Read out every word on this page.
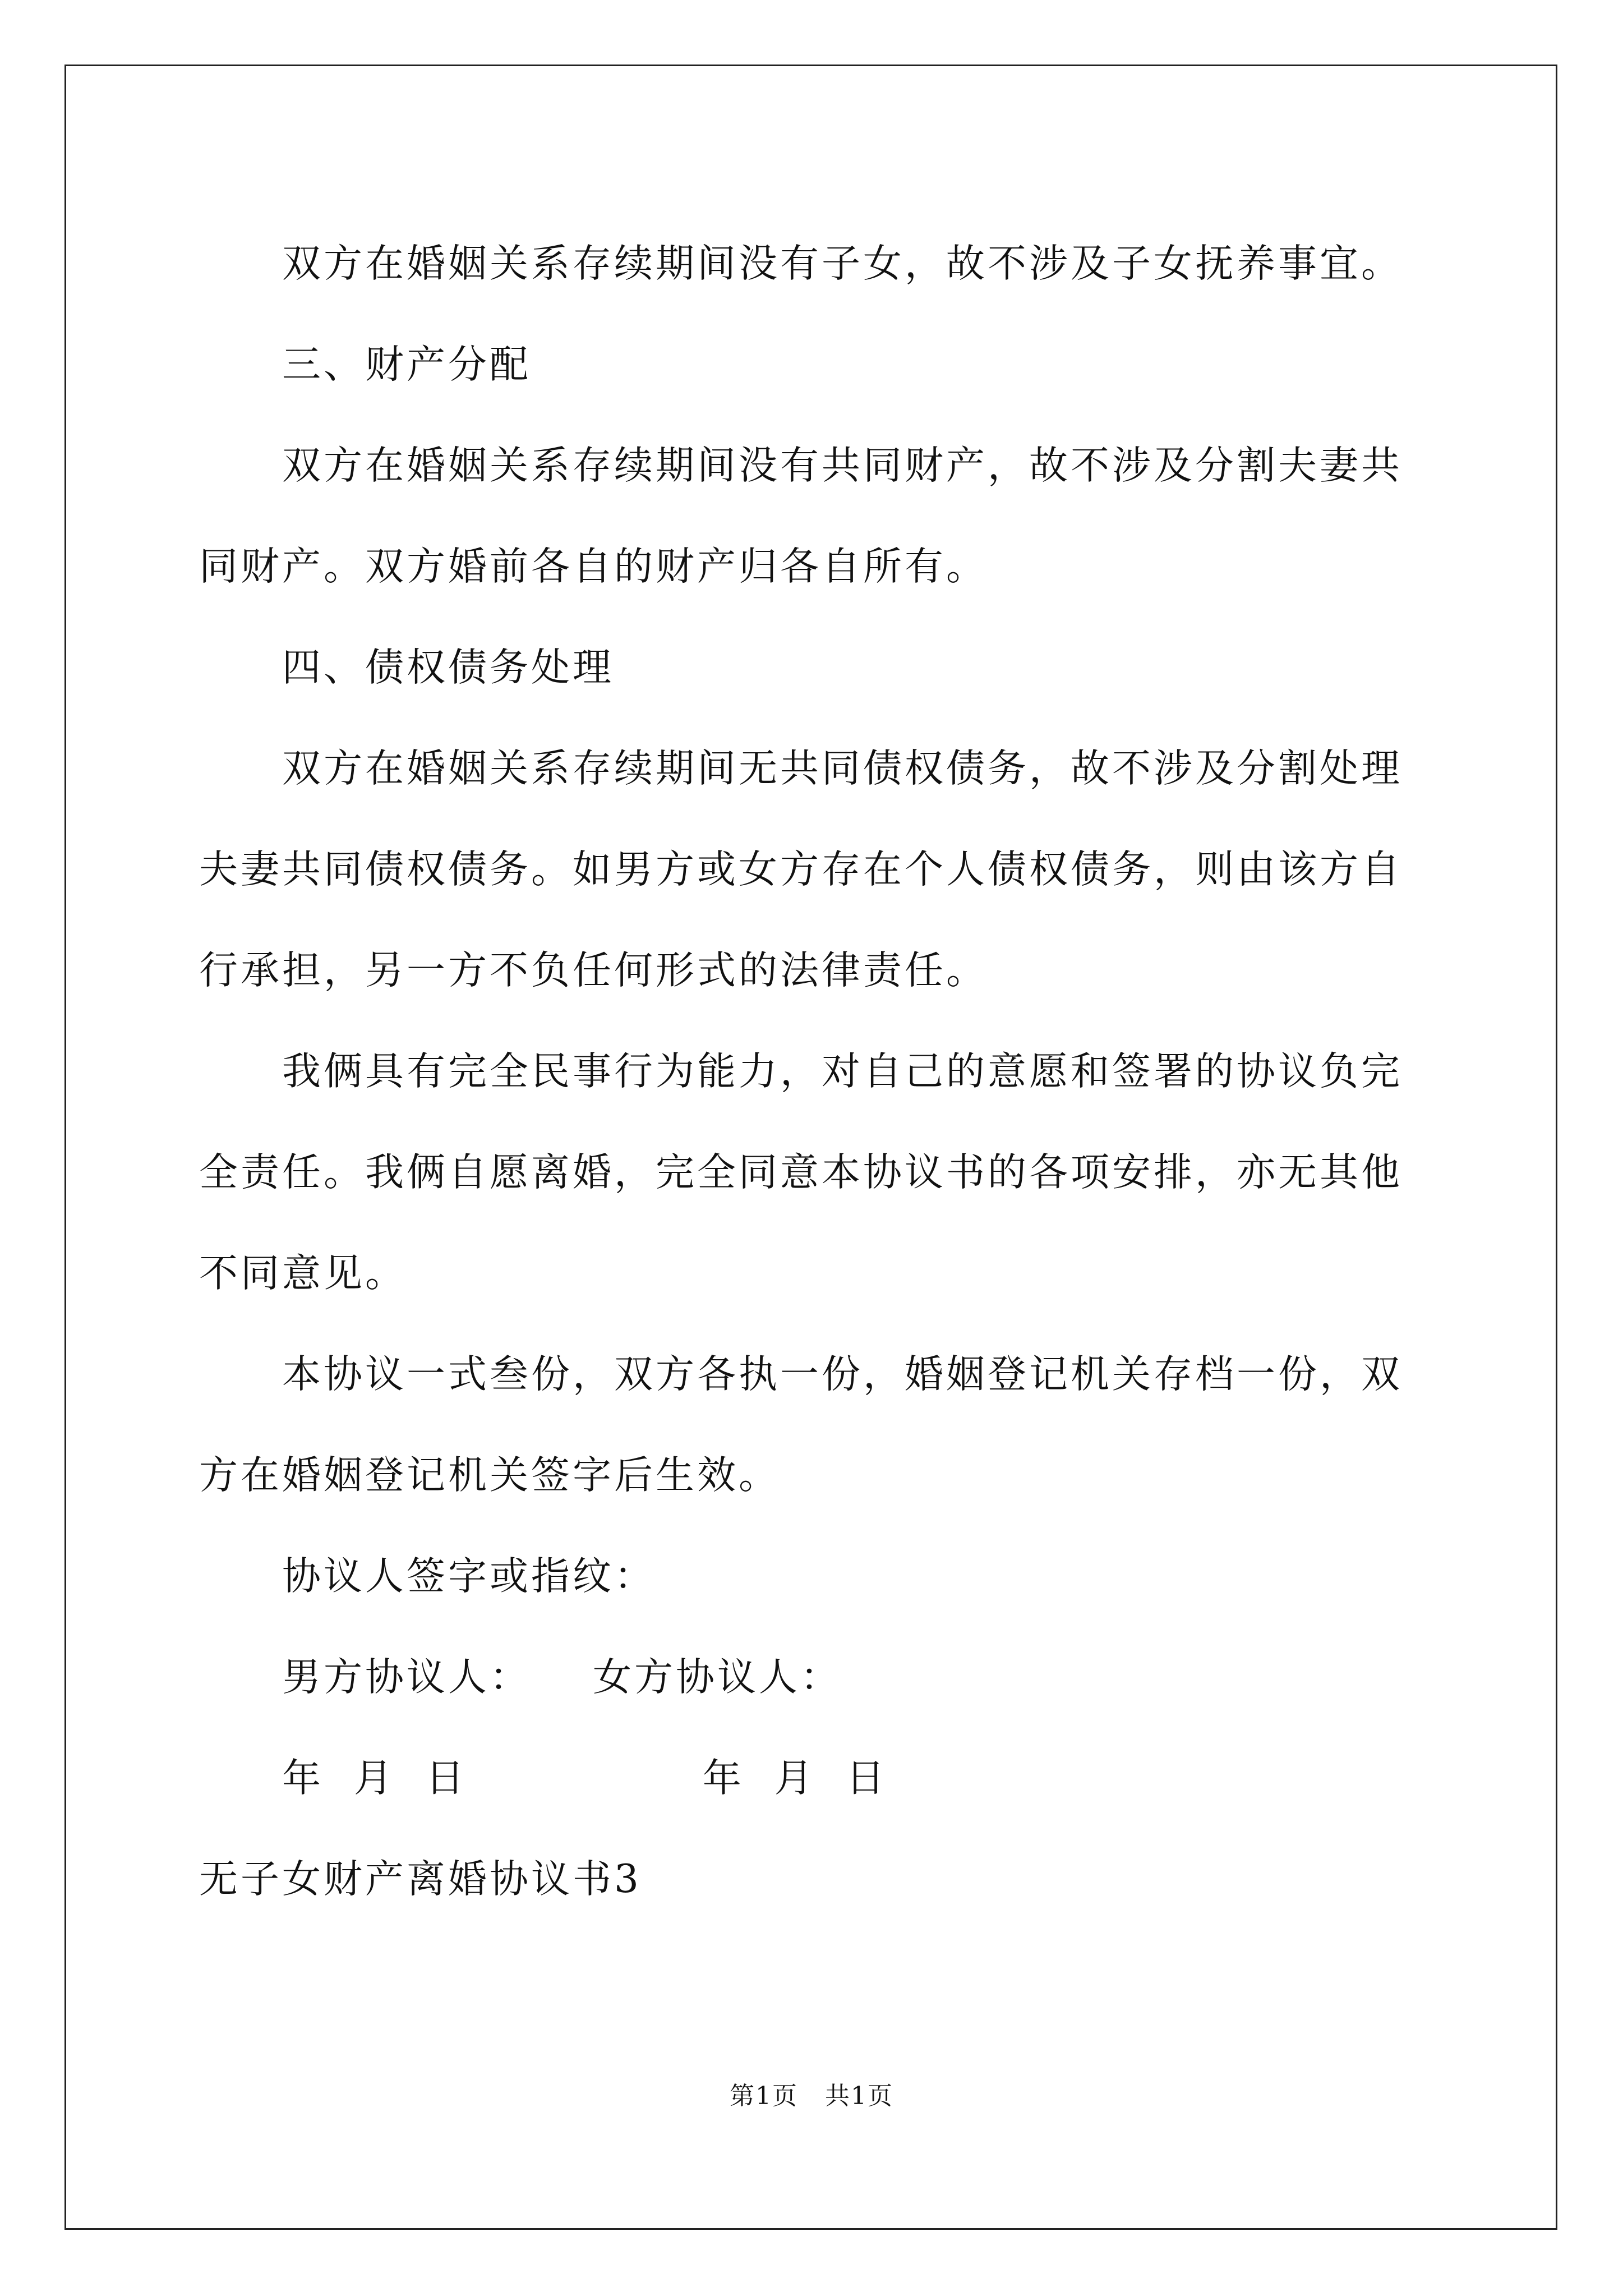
双方在婚姻关系存续期间没有子女，故不涉及子女抚养事宜。

三、财产分配

双方在婚姻关系存续期间没有共同财产，故不涉及分割夫妻共同财产。双方婚前各自的财产归各自所有。

四、债权债务处理

双方在婚姻关系存续期间无共同债权债务，故不涉及分割处理夫妻共同债权债务。如男方或女方存在个人债权债务，则由该方自行承担，另一方不负任何形式的法律责任。

我俩具有完全民事行为能力，对自己的意愿和签署的协议负完全责任。我俩自愿离婚，完全同意本协议书的各项安排，亦无其他不同意见。

本协议一式叁份，双方各执一份，婚姻登记机关存档一份，双方在婚姻登记机关签字后生效。

协议人签字或指纹：

男方协议人： 女方协议人：

年  月  日	年  月  日

无子女财产离婚协议书3

第1页   共1页
